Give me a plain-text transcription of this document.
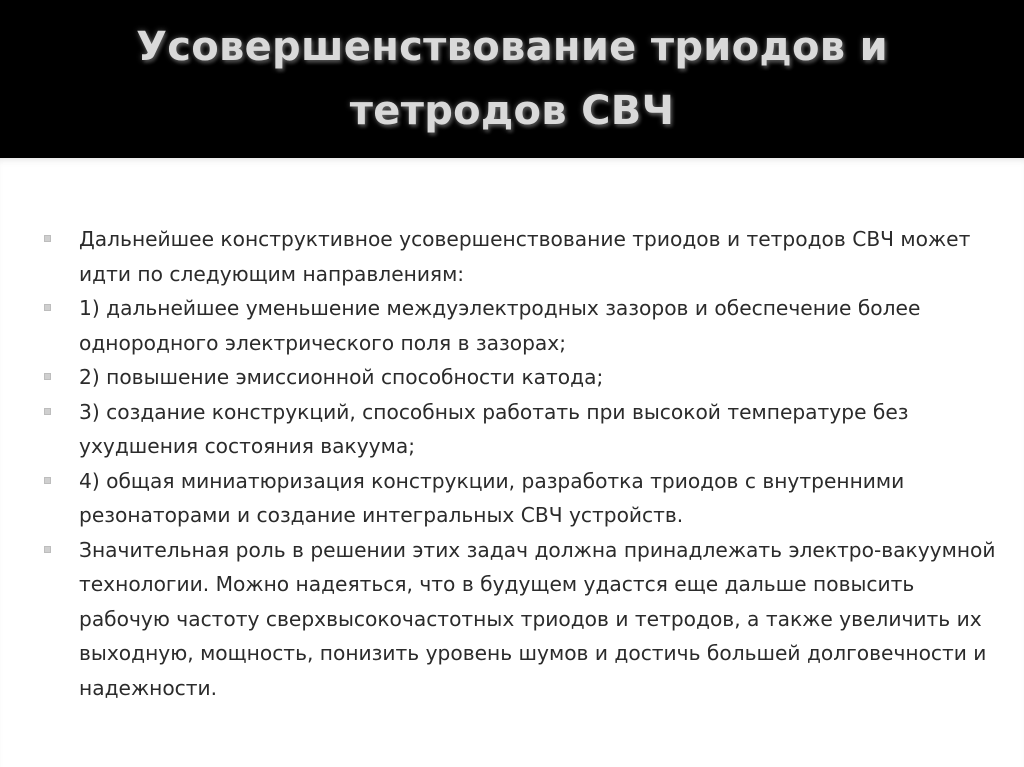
Усовершенствование триодов и
тетродов СВЧ
Дальнейшее конструктивное усовершенствование триодов и тетродов СВЧ может идти по следующим направлениям:
1) дальнейшее уменьшение междуэлектродных зазоров и обеспечение более однородного электрического поля в зазорах;
2) повышение эмиссионной способности катода;
3) создание конструкций, способных работать при высокой температуре без ухудшения состояния вакуума;
4) общая миниатюризация конструкции, разработка триодов с внутренними резонаторами и создание интегральных СВЧ устройств.
Значительная роль в решении этих задач должна принадлежать электро-вакуумной технологии. Можно надеяться, что в будущем удастся еще дальше повысить рабочую частоту сверхвысокочастотных триодов и тетродов, а также увеличить их выходную, мощность, понизить уровень шумов и достичь большей долговечности и надежности.
